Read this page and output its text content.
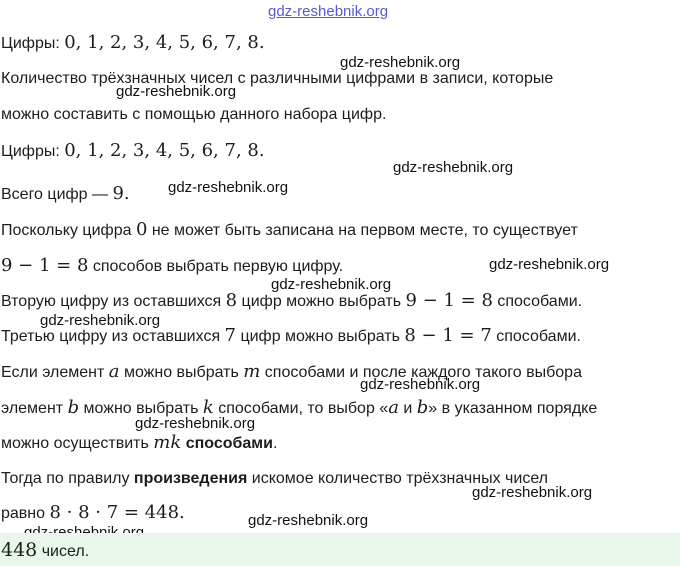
gdz-reshebnik.org
gdz-reshebnik.org
gdz-reshebnik.org
gdz-reshebnik.org
gdz-reshebnik.org
gdz-reshebnik.org
gdz-reshebnik.org
gdz-reshebnik.org
gdz-reshebnik.org
gdz-reshebnik.org
gdz-reshebnik.org
gdz-reshebnik.org
Цифры: 0, 1, 2, 3, 4, 5, 6, 7, 8.
Количество трёхзначных чисел с различными цифрами в записи, которые
можно составить с помощью данного набора цифр.
Цифры: 0, 1, 2, 3, 4, 5, 6, 7, 8.
Всего цифр — 9.
Поскольку цифра 0 не может быть записана на первом месте, то существует
9 − 1 = 8 способов выбрать первую цифру.
Вторую цифру из оставшихся 8 цифр можно выбрать 9 − 1 = 8 способами.
Третью цифру из оставшихся 7 цифр можно выбрать 8 − 1 = 7 способами.
Если элемент a можно выбрать m способами и после каждого такого выбора
элемент b можно выбрать k способами, то выбор «a и b» в указанном порядке
можно осуществить mk способами.
Тогда по правилу произведения искомое количество трёхзначных чисел
равно 8 · 8 · 7 = 448.
448 чисел.
